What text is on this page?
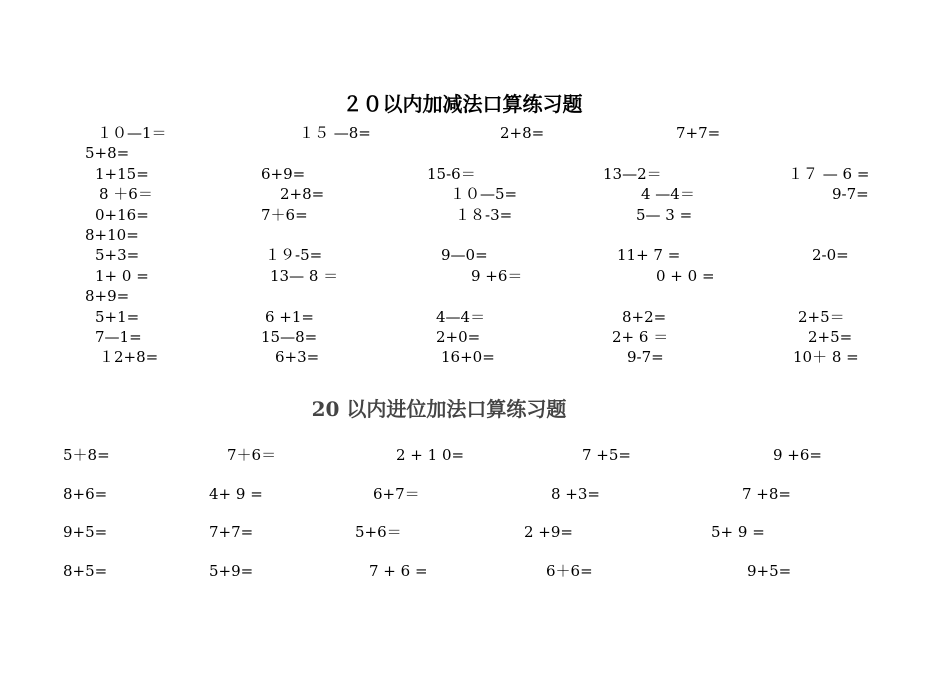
２０以内加减法口算练习题
１０—1＝	１５ —8=	2+8=	7+7=
5+8=
1+15=	6+9=	15-6＝	13—2＝	１７ — 6 =
8 ＋6＝	2+8=	１０—5=	4 —4＝	9-7=
0+16=	7＋6=	１８-3=	5— 3 =
8+10=
5+3=	１９-5=	9—0=	11+ 7 =	2-0=
1+ 0 =	13— 8 ＝	9 +6＝	0 + 0 =
8+9=
5+1=	6 +1=	4—4＝	8+2=	2+5＝
7—1=	15—8=	2+0=	2+ 6 ＝	2+5=
１2+8=	6+3=	16+0=	9-7=	10＋ 8 =
20 以内进位加法口算练习题
5＋8=	7＋6＝	2 + 1 0=	7 +5=	9 +6=
8+6=	4+ 9 =	6+7＝	8 +3=	7 +8=
9+5=	7+7=	5+6＝	2 +9=	5+ 9 =
8+5=	5+9=	7 + 6 =	6＋6=	9+5=
